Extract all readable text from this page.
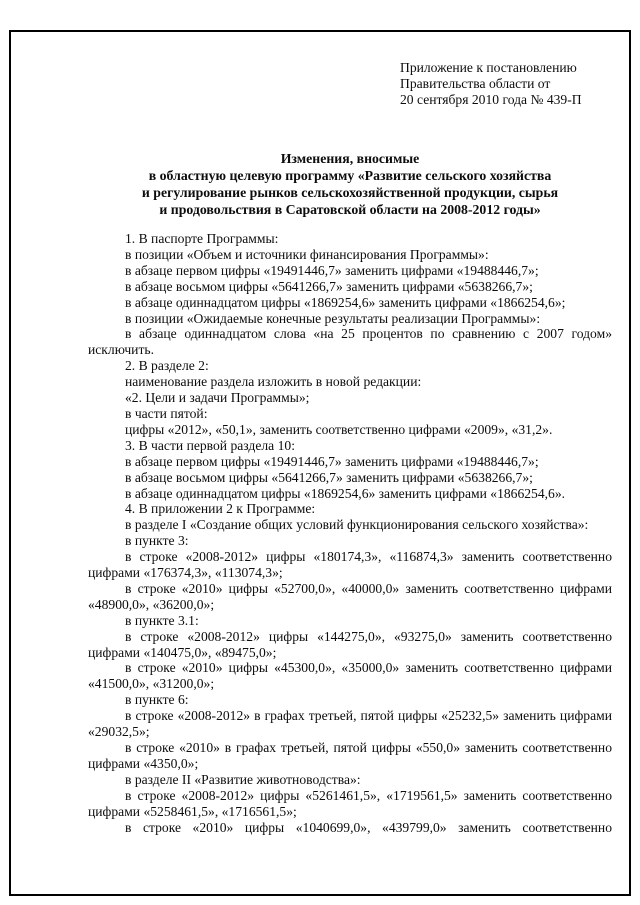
Приложение к постановлению
Правительства области от
20 сентября 2010 года № 439-П
Изменения, вносимые
в областную целевую программу «Развитие сельского хозяйства
и регулирование рынков сельскохозяйственной продукции, сырья
и продовольствия в Саратовской области на 2008-2012 годы»

1. В паспорте Программы:

в позиции «Объем и источники финансирования Программы»:

в абзаце первом цифры «19491446,7» заменить цифрами «19488446,7»;

в абзаце восьмом цифры «5641266,7» заменить цифрами «5638266,7»;

в абзаце одиннадцатом цифры «1869254,6» заменить цифрами «1866254,6»;

в позиции «Ожидаемые конечные результаты реализации Программы»:

в абзаце одиннадцатом слова «на 25 процентов по сравнению с 2007 годом» исключить.

2. В разделе 2:

наименование раздела изложить в новой редакции:

«2. Цели и задачи Программы»;

в части пятой:

цифры «2012», «50,1», заменить соответственно цифрами «2009», «31,2».

3. В части первой раздела 10:

в абзаце первом цифры «19491446,7» заменить цифрами «19488446,7»;

в абзаце восьмом цифры «5641266,7» заменить цифрами «5638266,7»;

в абзаце одиннадцатом цифры «1869254,6» заменить цифрами «1866254,6».

4. В приложении 2 к Программе:

в разделе I «Создание общих условий функционирования сельского хозяйства»:

в пункте 3:

в строке «2008-2012» цифры «180174,3», «116874,3» заменить соответственно цифрами «176374,3», «113074,3»;

в строке «2010» цифры «52700,0», «40000,0» заменить соответственно цифрами «48900,0», «36200,0»;

в пункте 3.1:

в строке «2008-2012» цифры «144275,0», «93275,0» заменить соответственно цифрами «140475,0», «89475,0»;

в строке «2010» цифры «45300,0», «35000,0» заменить соответственно цифрами «41500,0», «31200,0»;

в пункте 6:

в строке «2008-2012» в графах третьей, пятой цифры «25232,5» заменить цифрами «29032,5»;

в строке «2010» в графах третьей, пятой цифры «550,0» заменить соответственно цифрами «4350,0»;

в разделе II «Развитие животноводства»:

в строке «2008-2012» цифры «5261461,5», «1719561,5» заменить соответственно цифрами «5258461,5», «1716561,5»;

в строке «2010» цифры «1040699,0», «439799,0» заменить соответственно
